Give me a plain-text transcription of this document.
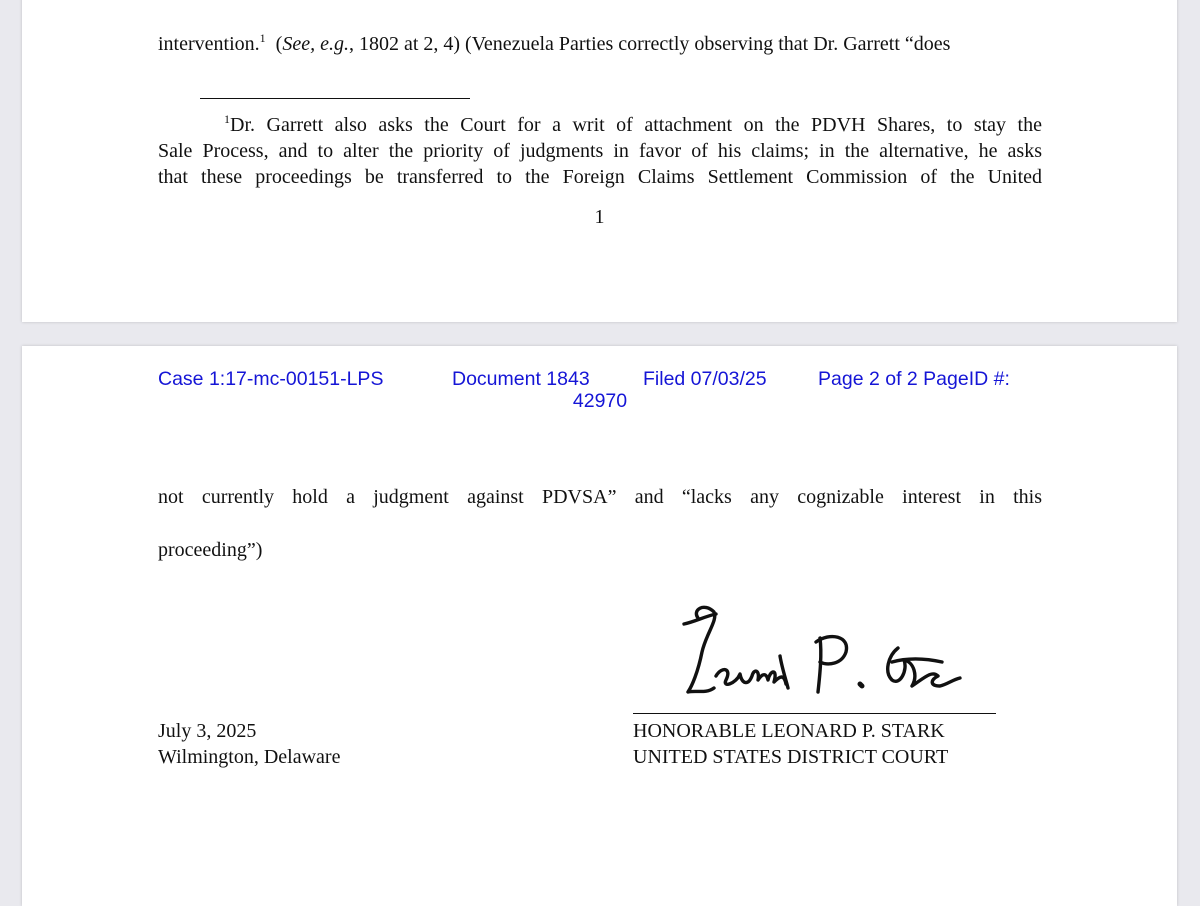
intervention.$^1$  (See, e.g., 1802 at 2, 4) (Venezuela Parties correctly observing that Dr. Garrett “does
$^1$Dr. Garrett also asks the Court for a writ of attachment on the PDVH Shares, to stay the
Sale Process, and to alter the priority of judgments in favor of his claims; in the alternative, he asks
that these proceedings be transferred to the Foreign Claims Settlement Commission of the United
1
Case 1:17-mc-00151-LPS	Document 1843	Filed 07/03/25	Page 2 of 2 PageID #:
42970
not currently hold a judgment against PDVSA” and “lacks any cognizable interest in this
proceeding”)
July 3, 2025
Wilmington, Delaware
HONORABLE LEONARD P. STARK
UNITED STATES DISTRICT COURT
